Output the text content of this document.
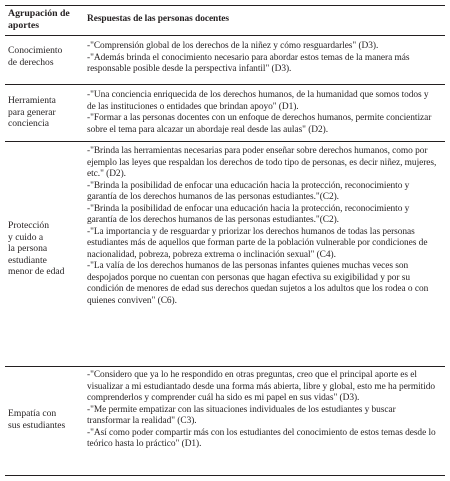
Agrupación de
aportes
Respuestas de las personas docentes
Conocimiento
de derechos

-"Comprensión global de los derechos de la niñez y cómo resguardarles" (D3).

-"Además brinda el conocimiento necesario para abordar estos temas de la manera más responsable posible desde la perspectiva infantil" (D3).

Herramienta
para generar
conciencia

-"Una conciencia enriquecida de los derechos humanos, de la humanidad que somos todos y de las instituciones o entidades que brindan apoyo" (D1).

-"Formar a las personas docentes con un enfoque de derechos humanos, permite concientizar sobre el tema para alcazar un abordaje real desde las aulas" (D2).

Protección
y cuido a
la persona
estudiante
menor de edad

-"Brinda las herramientas necesarias para poder enseñar sobre derechos humanos, como por ejemplo las leyes que respaldan los derechos de todo tipo de personas, es decir niñez, mujeres, etc." (D2).

-"Brinda la posibilidad de enfocar una educación hacia la protección, reconocimiento y garantía de los derechos humanos de las personas estudiantes."(C2).

-"Brinda la posibilidad de enfocar una educación hacia la protección, reconocimiento y garantía de los derechos humanos de las personas estudiantes."(C2).

-"La importancia y de resguardar y priorizar los derechos humanos de todas las personas estudiantes más de aquellos que forman parte de la población vulnerable por condiciones de nacionalidad, pobreza, pobreza extrema o inclinación sexual" (C4).

-"La valía de los derechos humanos de las personas infantes quienes muchas veces son despojados porque no cuentan con personas que hagan efectiva su exigibilidad y por su condición de menores de edad sus derechos quedan sujetos a los adultos que los rodea o con quienes conviven" (C6).

Empatía con
sus estudiantes

-"Considero que ya lo he respondido en otras preguntas, creo que el principal aporte es el visualizar a mi estudiantado desde una forma más abierta, libre y global, esto me ha permitido comprenderlos y comprender cuál ha sido es mi papel en sus vidas" (D3).

-"Me permite empatizar con las situaciones individuales de los estudiantes y buscar transformar la realidad" (C3).

-"Así como poder compartir más con los estudiantes del conocimiento de estos temas desde lo teórico hasta lo práctico" (D1).
